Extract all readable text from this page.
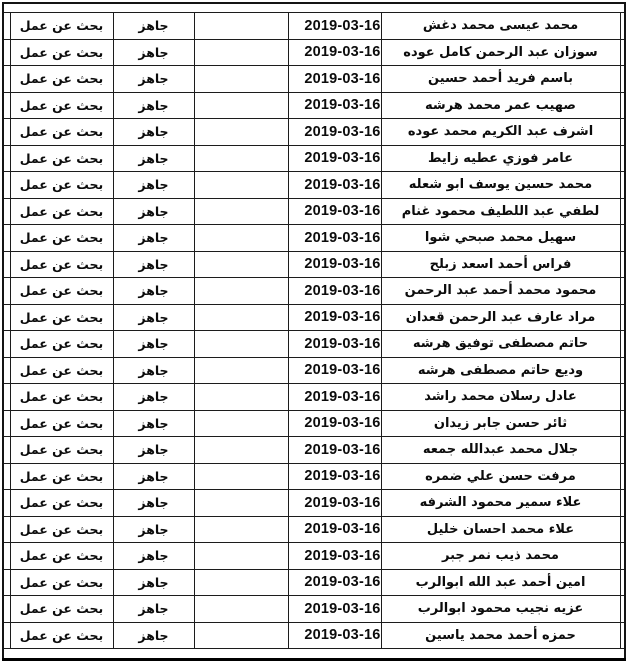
	بحث عن عمل	جاهز		2019-03-16	محمد عيسى محمد دغش	
	بحث عن عمل	جاهز		2019-03-16	سوزان عبد الرحمن كامل عوده	
	بحث عن عمل	جاهز		2019-03-16	باسم فريد أحمد حسين	
	بحث عن عمل	جاهز		2019-03-16	صهيب عمر محمد هرشه	
	بحث عن عمل	جاهز		2019-03-16	اشرف عبد الكريم محمد عوده	
	بحث عن عمل	جاهز		2019-03-16	عامر فوزي عطيه زايط	
	بحث عن عمل	جاهز		2019-03-16	محمد حسين يوسف ابو شعله	
	بحث عن عمل	جاهز		2019-03-16	لطفي عبد اللطيف محمود غنام	
	بحث عن عمل	جاهز		2019-03-16	سهيل محمد صبحي شوا	
	بحث عن عمل	جاهز		2019-03-16	فراس أحمد اسعد زبلح	
	بحث عن عمل	جاهز		2019-03-16	محمود محمد أحمد عبد الرحمن	
	بحث عن عمل	جاهز		2019-03-16	مراد عارف عبد الرحمن قعدان	
	بحث عن عمل	جاهز		2019-03-16	حاتم مصطفى توفيق هرشه	
	بحث عن عمل	جاهز		2019-03-16	وديع حاتم مصطفى هرشه	
	بحث عن عمل	جاهز		2019-03-16	عادل رسلان محمد راشد	
	بحث عن عمل	جاهز		2019-03-16	ثائر حسن جابر زيدان	
	بحث عن عمل	جاهز		2019-03-16	جلال محمد عبدالله جمعه	
	بحث عن عمل	جاهز		2019-03-16	مرفت حسن علي ضمره	
	بحث عن عمل	جاهز		2019-03-16	علاء سمير محمود الشرفه	
	بحث عن عمل	جاهز		2019-03-16	علاء محمد احسان خليل	
	بحث عن عمل	جاهز		2019-03-16	محمد ذيب نمر جبر	
	بحث عن عمل	جاهز		2019-03-16	امين أحمد عبد الله ابوالرب	
	بحث عن عمل	جاهز		2019-03-16	عزيه نجيب محمود ابوالرب	
	بحث عن عمل	جاهز		2019-03-16	حمزه أحمد محمد ياسين	
